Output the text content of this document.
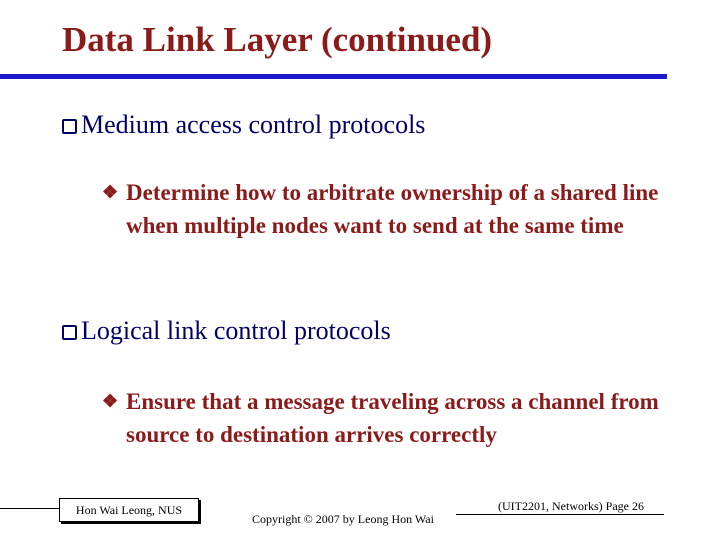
Data Link Layer (continued)
Medium access control protocols
❖ Determine how to arbitrate ownership of a shared line when multiple nodes want to send at the same time
Logical link control protocols
❖ Ensure that a message traveling across a channel from source to destination arrives correctly
Hon Wai Leong, NUS
Copyright © 2007 by Leong Hon Wai
(UIT2201, Networks) Page 26
